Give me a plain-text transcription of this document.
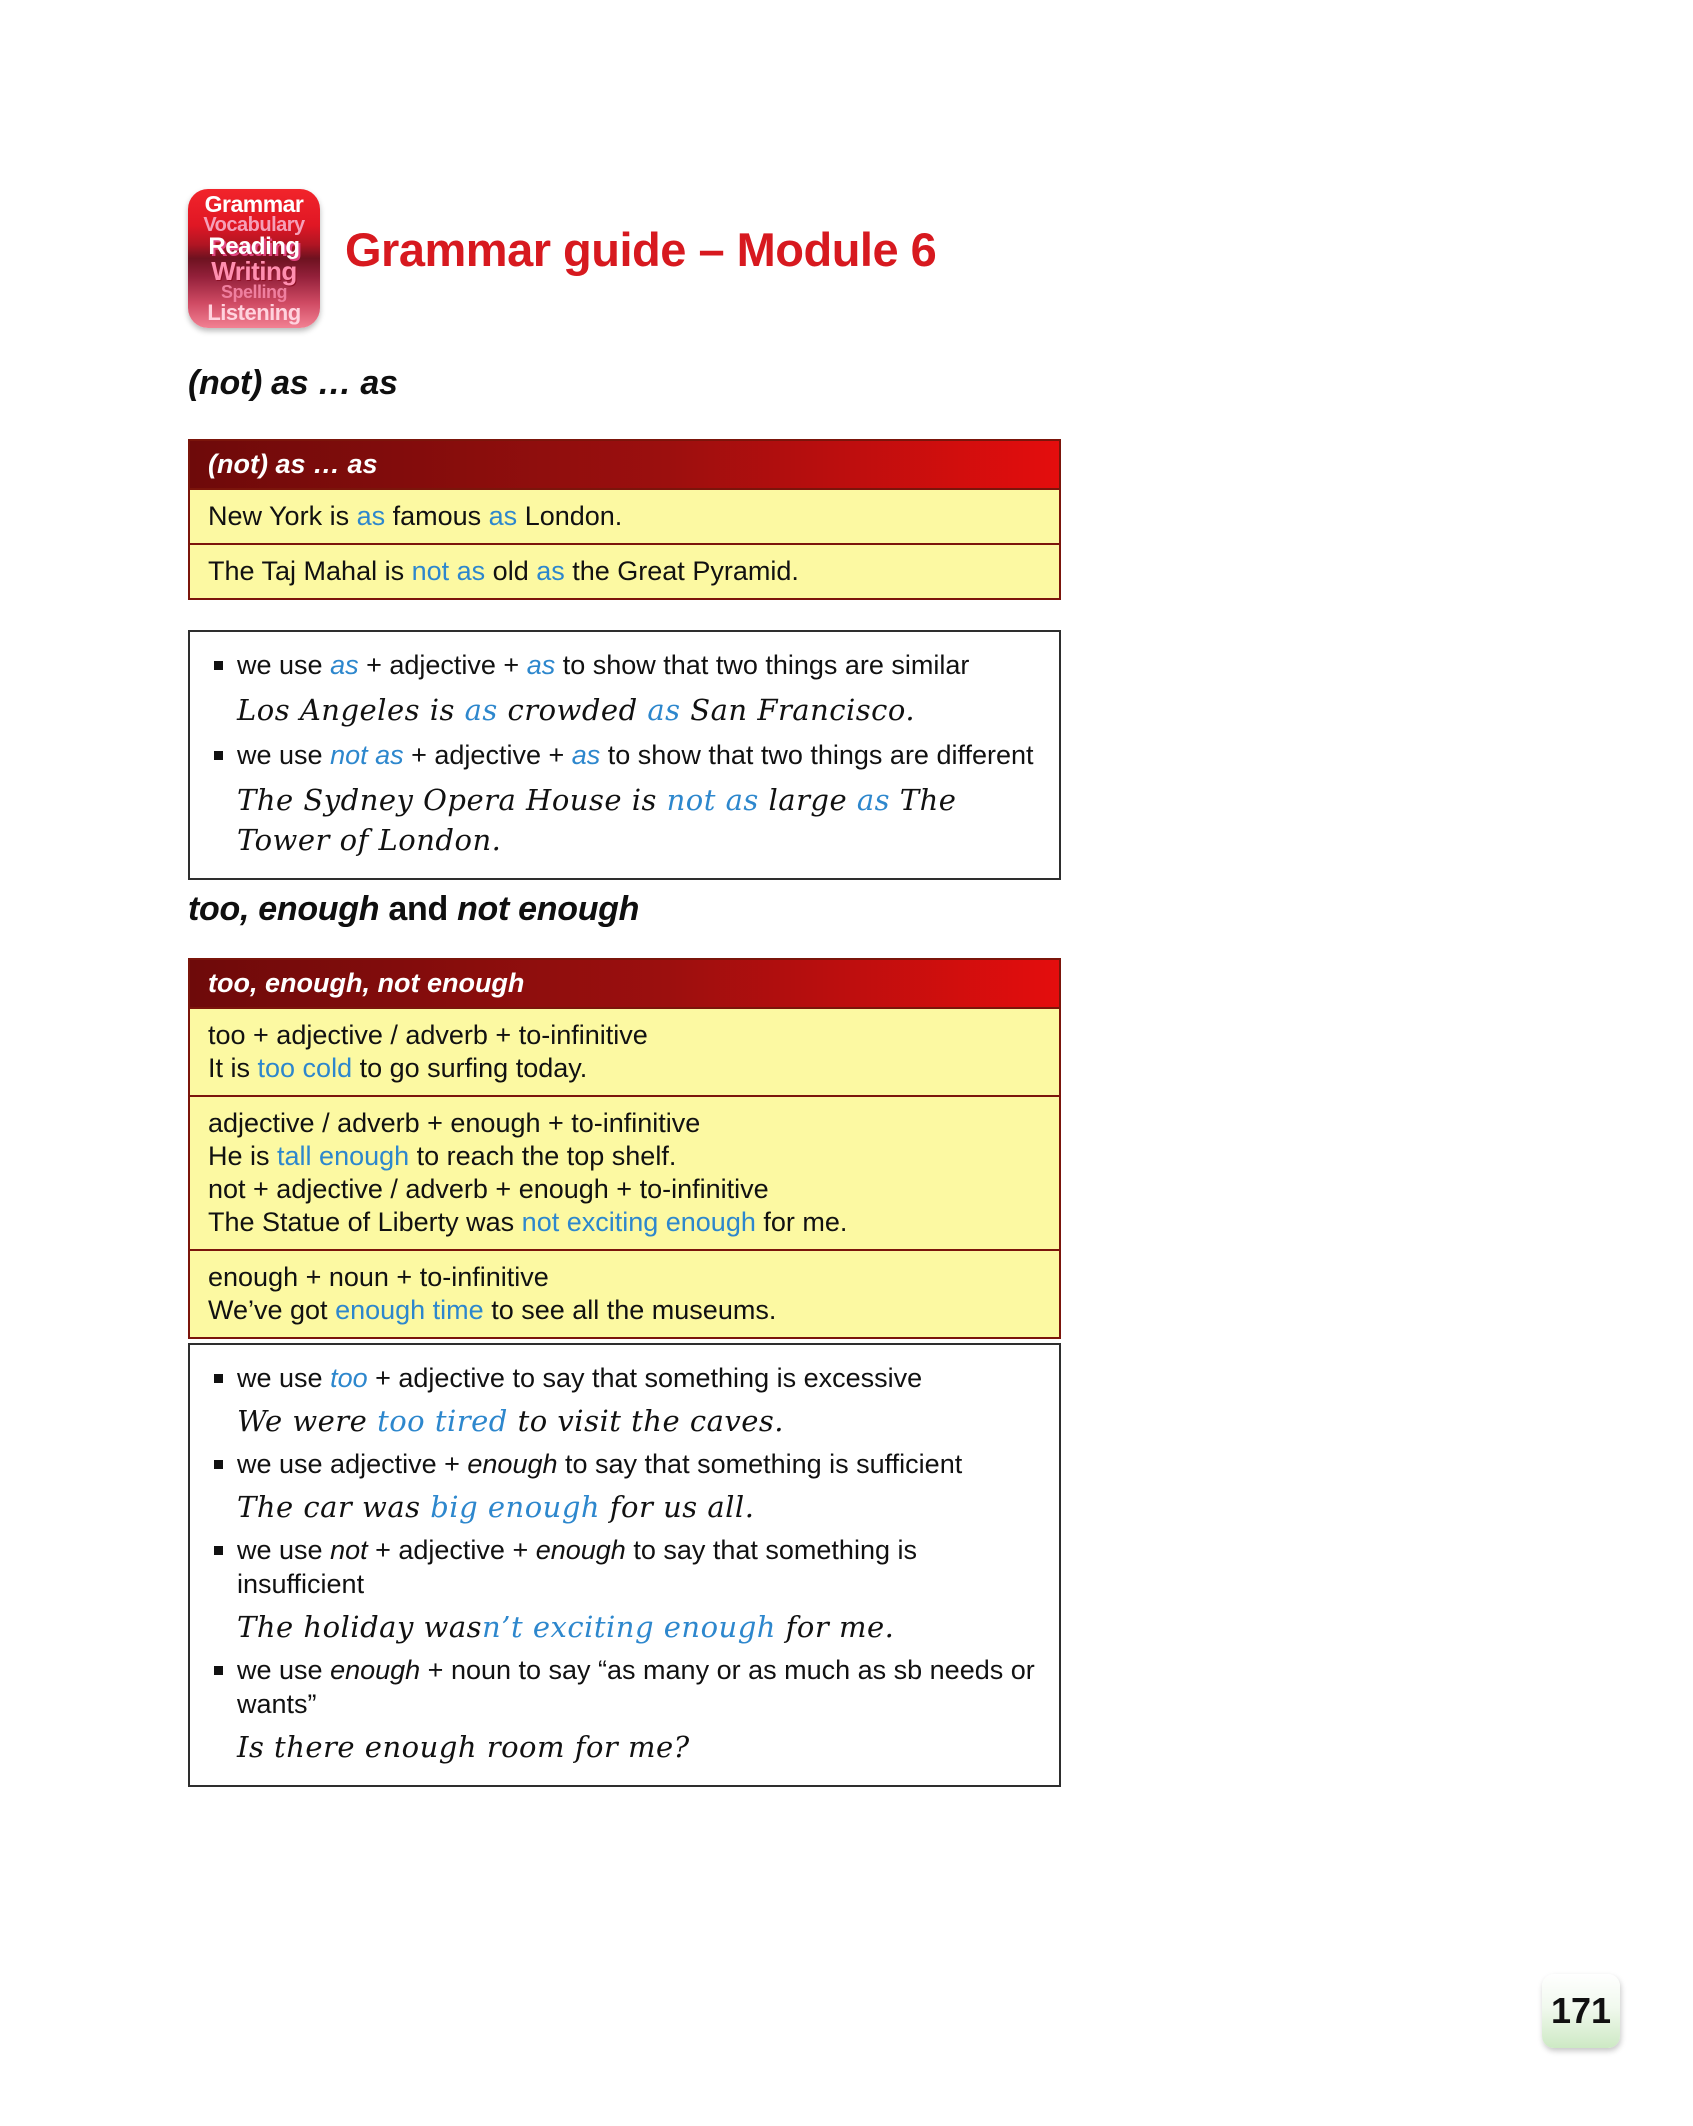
Grammar
Vocabulary
Reading
Writing
Spelling
Listening
Grammar guide – Module 6
(not) as … as
(not) as … as
New York is as famous as London.
The Taj Mahal is not as old as the Great Pyramid.
we use as + adjective + as to show that two things are similar
Los Angeles is as crowded as San Francisco.
we use not as + adjective + as to show that two things are different
The Sydney Opera House is not as large as The Tower of London.
too, enough and not enough
too, enough, not enough
too + adjective / adverb + to-infinitive
It is too cold to go surfing today.
adjective / adverb + enough + to-infinitive
He is tall enough to reach the top shelf.
not + adjective / adverb + enough + to-infinitive
The Statue of Liberty was not exciting enough for me.
enough + noun + to-infinitive
We’ve got enough time to see all the museums.
we use too + adjective to say that something is excessive
We were too tired to visit the caves.
we use adjective + enough to say that something is sufficient
The car was big enough for us all.
we use not + adjective + enough to say that something is insufficient
The holiday wasn’t exciting enough for me.
we use enough + noun to say “as many or as much as sb needs or wants”
Is there enough room for me?
171
